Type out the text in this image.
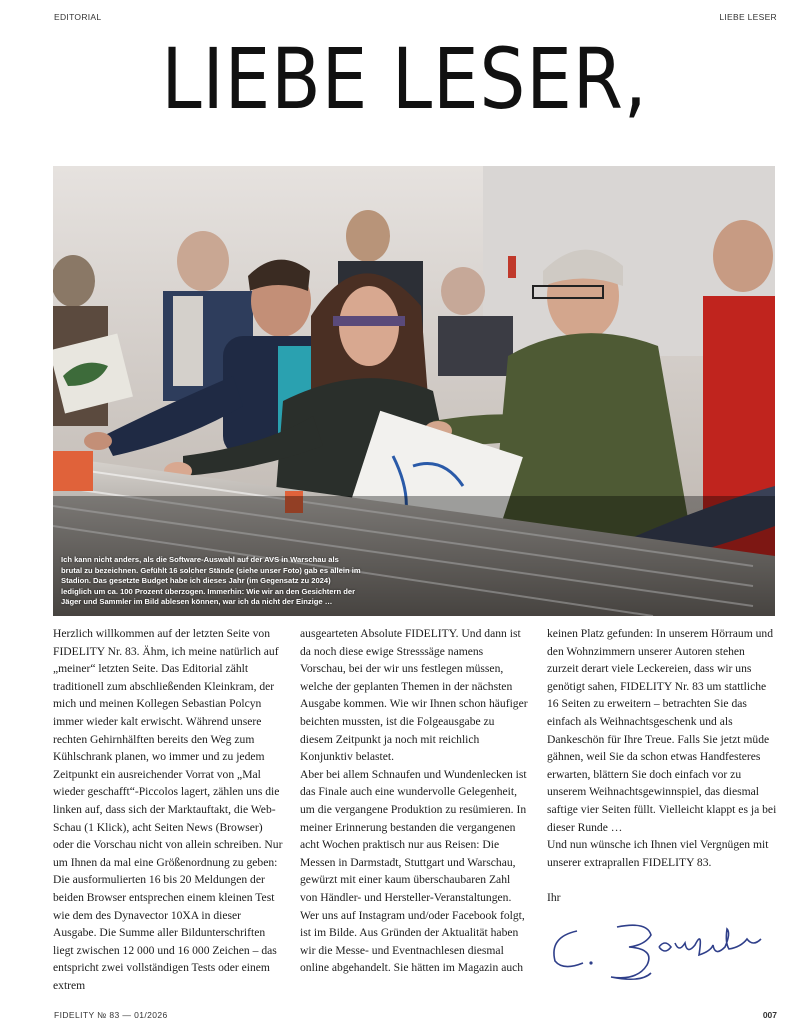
EDITORIAL	LIEBE LESER
LIEBE LESER,
Ich kann nicht anders, als die Software-Auswahl auf der AVS in Warschau als brutal zu bezeichnen. Gefühlt 16 solcher Stände (siehe unser Foto) gab es allein im Stadion. Das gesetzte Budget habe ich dieses Jahr (im Gegensatz zu 2024) lediglich um ca. 100 Prozent überzogen. Immerhin: Wie wir an den Gesichtern der Jäger und Sammler im Bild ablesen können, war ich da nicht der Einzige …

Herzlich willkommen auf der letzten Seite von FIDELITY Nr. 83. Ähm, ich meine natürlich auf „meiner“ letzten Seite. Das Editorial zählt traditionell zum abschließenden Kleinkram, der mich und meinen Kollegen Sebastian Polcyn immer wieder kalt erwischt. Während unsere rechten Gehirnhälften bereits den Weg zum Kühlschrank planen, wo immer und zu jedem Zeitpunkt ein ausreichender Vorrat von „Mal wieder geschafft“-Piccolos lagert, zählen uns die linken auf, dass sich der Marktauftakt, die Web-Schau (1 Klick), acht Seiten News (Browser) oder die Vorschau nicht von allein schreiben. Nur um Ihnen da mal eine Größenordnung zu geben: Die ausformulierten 16 bis 20 Meldungen der beiden Browser entsprechen einem kleinen Test wie dem des Dynavector 10XA in dieser Ausgabe. Die Summe aller Bildunterschriften liegt zwischen 12 000 und 16 000 Zeichen – das entspricht zwei vollständigen Tests oder einem extrem

ausgearteten Absolute FIDELITY. Und dann ist da noch diese ewige Stresssäge namens Vorschau, bei der wir uns festlegen müssen, welche der geplanten Themen in der nächsten Ausgabe kommen. Wie wir Ihnen schon häufiger beichten mussten, ist die Folgeausgabe zu diesem Zeitpunkt ja noch mit reichlich Konjunktiv belastet.

Aber bei allem Schnaufen und Wundenlecken ist das Finale auch eine wundervolle Gelegenheit, um die vergangene Produktion zu resümieren. In meiner Erinnerung bestanden die vergangenen acht Wochen praktisch nur aus Reisen: Die Messen in Darmstadt, Stuttgart und Warschau, gewürzt mit einer kaum überschaubaren Zahl von Händler- und Hersteller-Veranstaltungen. Wer uns auf Instagram und/oder Facebook folgt, ist im Bilde. Aus Gründen der Aktualität haben wir die Messe- und Eventnachlesen diesmal online abgehandelt. Sie hätten im Magazin auch

keinen Platz gefunden: In unserem Hörraum und den Wohnzimmern unserer Autoren stehen zurzeit derart viele Leckereien, dass wir uns genötigt sahen, FIDELITY Nr. 83 um stattliche 16 Seiten zu erweitern – betrachten Sie das einfach als Weihnachtsgeschenk und als Dankeschön für Ihre Treue. Falls Sie jetzt müde gähnen, weil Sie da schon etwas Handfesteres erwarten, blättern Sie doch einfach vor zu unserem Weihnachtsgewinnspiel, das diesmal saftige vier Seiten füllt. Vielleicht klappt es ja bei dieser Runde …

Und nun wünsche ich Ihnen viel Vergnügen mit unserer extraprallen FIDELITY 83.

Ihr

FIDELITY № 83 — 01/2026	007
